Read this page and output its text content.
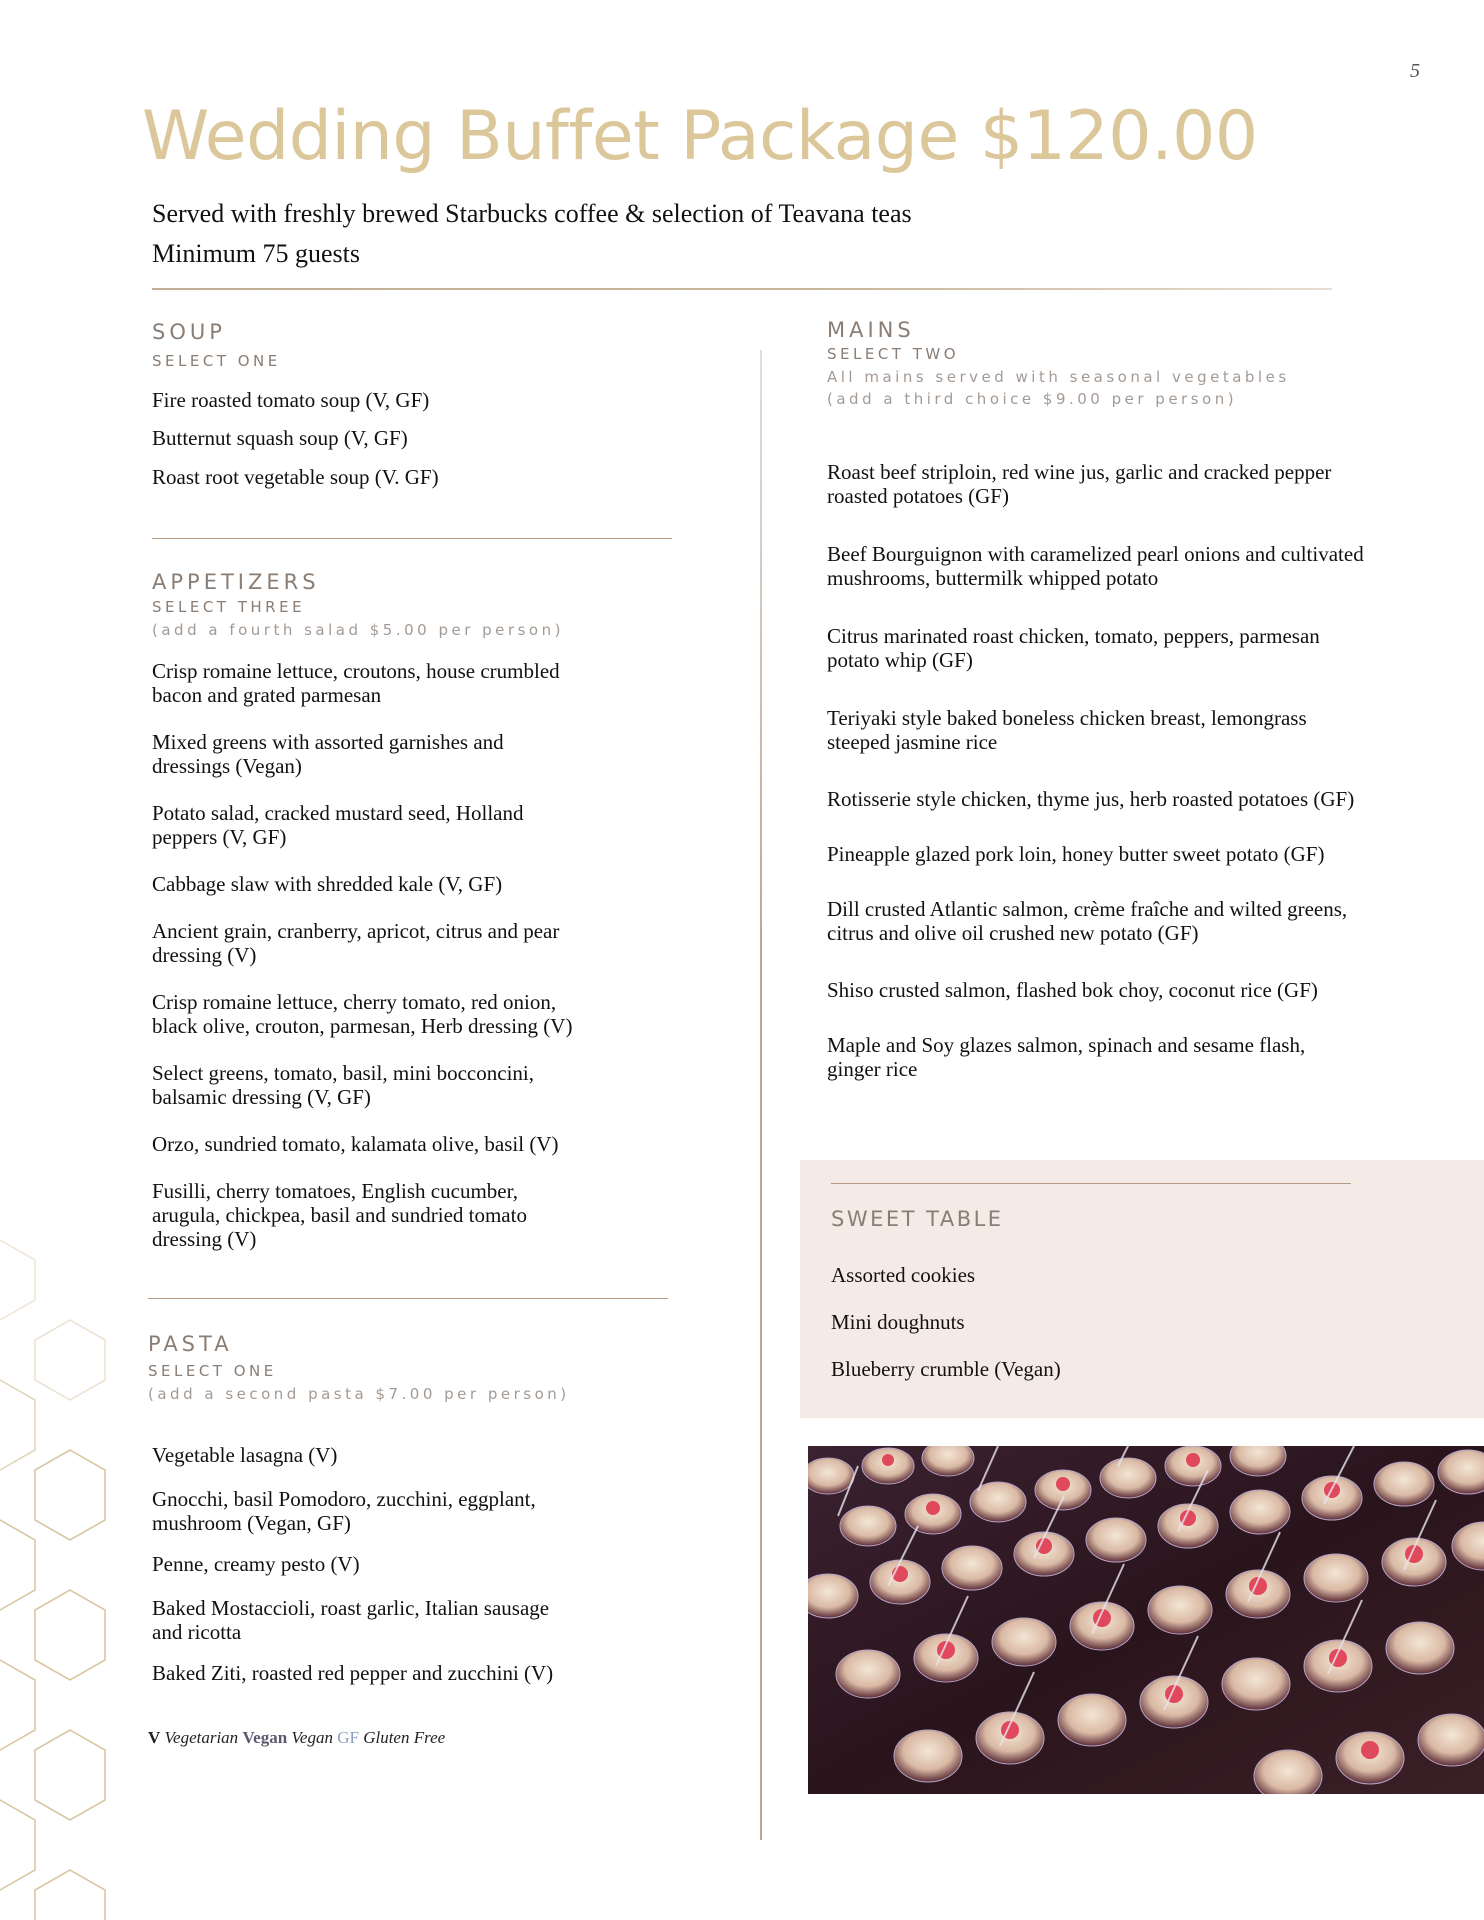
5
Wedding Buffet Package $120.00
Served with freshly brewed Starbucks coffee & selection of Teavana teas
Minimum 75 guests
SOUP
SELECT ONE
Fire roasted tomato soup (V, GF)
Butternut squash soup (V, GF)
Roast root vegetable soup (V. GF)
APPETIZERS
SELECT THREE
(add a fourth salad $5.00 per person)
Crisp romaine lettuce, croutons, house crumbled
bacon and grated parmesan
Mixed greens with assorted garnishes and
dressings (Vegan)
Potato salad, cracked mustard seed, Holland
peppers (V, GF)
Cabbage slaw with shredded kale (V, GF)
Ancient grain, cranberry, apricot, citrus and pear
dressing (V)
Crisp romaine lettuce, cherry tomato, red onion,
black olive, crouton, parmesan, Herb dressing (V)
Select greens, tomato, basil, mini bocconcini,
balsamic dressing (V, GF)
Orzo, sundried tomato, kalamata olive, basil (V)
Fusilli, cherry tomatoes, English cucumber,
arugula, chickpea, basil and sundried tomato
dressing (V)
PASTA
SELECT ONE
(add a second pasta $7.00 per person)
Vegetable lasagna (V)
Gnocchi, basil Pomodoro, zucchini, eggplant,
mushroom (Vegan, GF)
Penne, creamy pesto (V)
Baked Mostaccioli, roast garlic, Italian sausage
and ricotta
Baked Ziti, roasted red pepper and zucchini (V)
V Vegetarian Vegan Vegan GF Gluten Free
MAINS
SELECT TWO
All mains served with seasonal vegetables
(add a third choice $9.00 per person)
Roast beef striploin, red wine jus, garlic and cracked pepper
roasted potatoes (GF)
Beef Bourguignon with caramelized pearl onions and cultivated
mushrooms, buttermilk whipped potato
Citrus marinated roast chicken, tomato, peppers, parmesan
potato whip (GF)
Teriyaki style baked boneless chicken breast, lemongrass
steeped jasmine rice
Rotisserie style chicken, thyme jus, herb roasted potatoes (GF)
Pineapple glazed pork loin, honey butter sweet potato (GF)
Dill crusted Atlantic salmon, crème fraîche and wilted greens,
citrus and olive oil crushed new potato (GF)
Shiso crusted salmon, flashed bok choy, coconut rice (GF)
Maple and Soy glazes salmon, spinach and sesame flash,
ginger rice
SWEET TABLE
Assorted cookies
Mini doughnuts
Blueberry crumble (Vegan)
